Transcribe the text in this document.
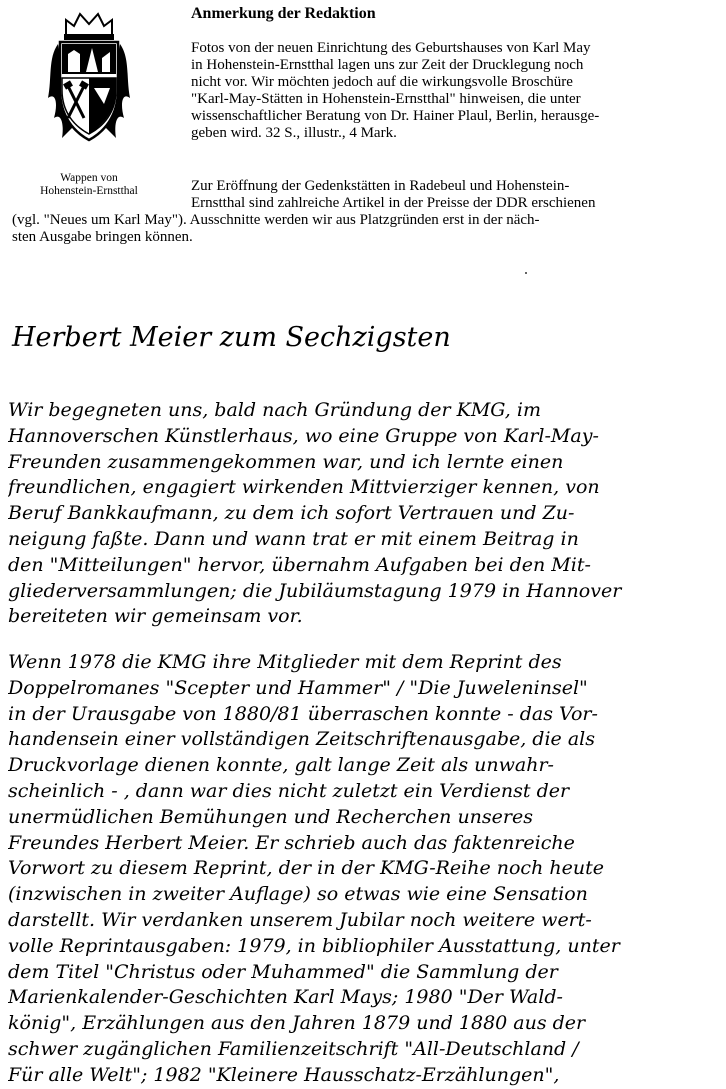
Wappen von
Hohenstein-Ernstthal
Anmerkung der Redaktion
Fotos von der neuen Einrichtung des Geburtshauses von Karl May
in Hohenstein-Ernstthal lagen uns zur Zeit der Drucklegung noch
nicht vor. Wir möchten jedoch auf die wirkungsvolle Broschüre
"Karl-May-Stätten in Hohenstein-Ernstthal" hinweisen, die unter
wissenschaftlicher Beratung von Dr. Hainer Plaul, Berlin, herausge-
geben wird. 32 S., illustr., 4 Mark.
Zur Eröffnung der Gedenkstätten in Radebeul und Hohenstein-
Ernstthal sind zahlreiche Artikel in der Preisse der DDR erschienen
(vgl. "Neues um Karl May"). Ausschnitte werden wir aus Platzgründen erst in der näch-
sten Ausgabe bringen können.
Herbert Meier zum Sechzigsten
Wir begegneten uns, bald nach Gründung der KMG, im
Hannoverschen Künstlerhaus, wo eine Gruppe von Karl-May-
Freunden zusammengekommen war, und ich lernte einen
freundlichen, engagiert wirkenden Mittvierziger kennen, von
Beruf Bankkaufmann, zu dem ich sofort Vertrauen und Zu-
neigung faßte. Dann und wann trat er mit einem Beitrag in
den "Mitteilungen" hervor, übernahm Aufgaben bei den Mit-
gliederversammlungen; die Jubiläumstagung 1979 in Hannover
bereiteten wir gemeinsam vor.
Wenn 1978 die KMG ihre Mitglieder mit dem Reprint des
Doppelromanes "Scepter und Hammer" / "Die Juweleninsel"
in der Urausgabe von 1880/81 überraschen konnte - das Vor-
handensein einer vollständigen Zeitschriftenausgabe, die als
Druckvorlage dienen konnte, galt lange Zeit als unwahr-
scheinlich - , dann war dies nicht zuletzt ein Verdienst der
unermüdlichen Bemühungen und Recherchen unseres
Freundes Herbert Meier. Er schrieb auch das faktenreiche
Vorwort zu diesem Reprint, der in der KMG-Reihe noch heute
(inzwischen in zweiter Auflage) so etwas wie eine Sensation
darstellt. Wir verdanken unserem Jubilar noch weitere wert-
volle Reprintausgaben: 1979, in bibliophiler Ausstattung, unter
dem Titel "Christus oder Muhammed" die Sammlung der
Marienkalender-Geschichten Karl Mays; 1980 "Der Wald-
könig", Erzählungen aus den Jahren 1879 und 1880 aus der
schwer zugänglichen Familienzeitschrift "All-Deutschland /
Für alle Welt"; 1982 "Kleinere Hausschatz-Erzählungen",
